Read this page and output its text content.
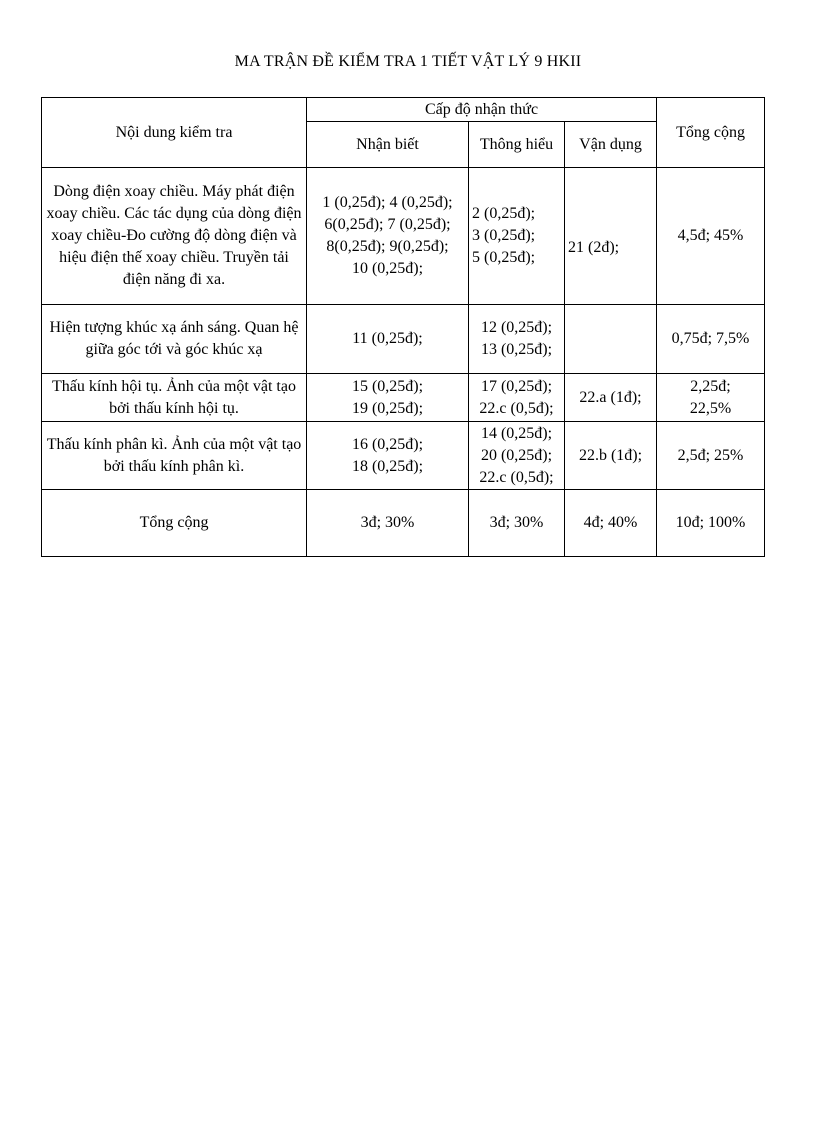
MA TRẬN ĐỀ KIỂM TRA 1 TIẾT VẬT LÝ 9 HKII
Nội dung kiểm tra	Cấp độ nhận thức			Tổng cộng
	Nhận biết	Thông hiểu	Vận dụng	
Dòng điện xoay chiều. Máy phát điện xoay chiều. Các tác dụng của dòng điện xoay chiều-Đo cường độ dòng điện và hiệu điện thế xoay chiều. Truyền tải điện năng đi xa.	1 (0,25đ); 4 (0,25đ);
6(0,25đ); 7 (0,25đ);
8(0,25đ); 9(0,25đ);
10 (0,25đ);	2 (0,25đ);
3 (0,25đ);
5 (0,25đ);	21 (2đ);	4,5đ; 45%

Hiện tượng khúc xạ ánh sáng. Quan hệ giữa góc tới và góc khúc xạ	11 (0,25đ);	12 (0,25đ);
13 (0,25đ);		0,75đ; 7,5%

Thấu kính hội tụ. Ảnh của một vật tạo bởi thấu kính hội tụ.	15 (0,25đ);
19 (0,25đ);	17 (0,25đ);
22.c (0,5đ);	22.a (1đ);	2,25đ;
22,5%

Thấu kính phân kì. Ảnh của một vật tạo bởi thấu kính phân kì.	16 (0,25đ);
18 (0,25đ);	14 (0,25đ);
20 (0,25đ);
22.c (0,5đ);	22.b (1đ);	2,5đ; 25%

Tổng cộng	3đ; 30%	3đ; 30%	4đ; 40%	10đ; 100%
